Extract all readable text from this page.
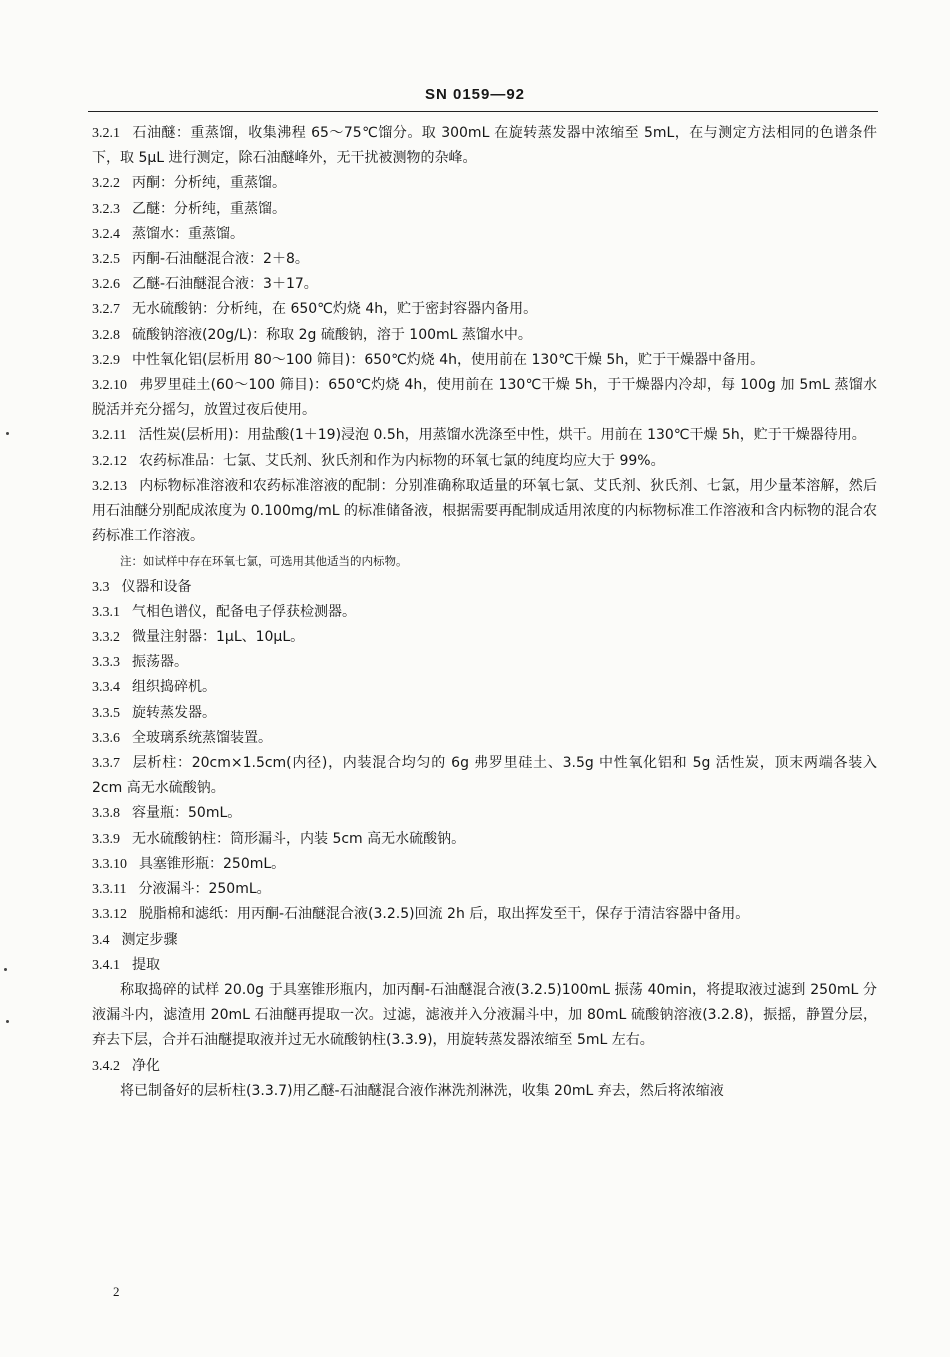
SN 0159—92

3.2.1 石油醚：重蒸馏，收集沸程 65～75℃馏分。取 300mL 在旋转蒸发器中浓缩至 5mL，在与测定方法相同的色谱条件下，取 5μL 进行测定，除石油醚峰外，无干扰被测物的杂峰。

3.2.2 丙酮：分析纯，重蒸馏。

3.2.3 乙醚：分析纯，重蒸馏。

3.2.4 蒸馏水：重蒸馏。

3.2.5 丙酮-石油醚混合液：2＋8。

3.2.6 乙醚-石油醚混合液：3＋17。

3.2.7 无水硫酸钠：分析纯，在 650℃灼烧 4h，贮于密封容器内备用。

3.2.8 硫酸钠溶液(20g/L)：称取 2g 硫酸钠，溶于 100mL 蒸馏水中。

3.2.9 中性氧化铝(层析用 80～100 筛目)：650℃灼烧 4h，使用前在 130℃干燥 5h，贮于干燥器中备用。

3.2.10 弗罗里硅土(60～100 筛目)：650℃灼烧 4h，使用前在 130℃干燥 5h，于干燥器内冷却，每 100g 加 5mL 蒸馏水脱活并充分摇匀，放置过夜后使用。

3.2.11 活性炭(层析用)：用盐酸(1＋19)浸泡 0.5h，用蒸馏水洗涤至中性，烘干。用前在 130℃干燥 5h，贮于干燥器待用。

3.2.12 农药标准品：七氯、艾氏剂、狄氏剂和作为内标物的环氧七氯的纯度均应大于 99%。

3.2.13 内标物标准溶液和农药标准溶液的配制：分别准确称取适量的环氧七氯、艾氏剂、狄氏剂、七氯，用少量苯溶解，然后用石油醚分别配成浓度为 0.100mg/mL 的标准储备液，根据需要再配制成适用浓度的内标物标准工作溶液和含内标物的混合农药标准工作溶液。

注：如试样中存在环氧七氯，可选用其他适当的内标物。

3.3 仪器和设备

3.3.1 气相色谱仪，配备电子俘获检测器。

3.3.2 微量注射器：1μL、10μL。

3.3.3 振荡器。

3.3.4 组织捣碎机。

3.3.5 旋转蒸发器。

3.3.6 全玻璃系统蒸馏装置。

3.3.7 层析柱：20cm×1.5cm(内径)，内装混合均匀的 6g 弗罗里硅土、3.5g 中性氧化铝和 5g 活性炭，顶末两端各装入 2cm 高无水硫酸钠。

3.3.8 容量瓶：50mL。

3.3.9 无水硫酸钠柱：筒形漏斗，内装 5cm 高无水硫酸钠。

3.3.10 具塞锥形瓶：250mL。

3.3.11 分液漏斗：250mL。

3.3.12 脱脂棉和滤纸：用丙酮-石油醚混合液(3.2.5)回流 2h 后，取出挥发至干，保存于清洁容器中备用。

3.4 测定步骤

3.4.1 提取

称取捣碎的试样 20.0g 于具塞锥形瓶内，加丙酮-石油醚混合液(3.2.5)100mL 振荡 40min，将提取液过滤到 250mL 分液漏斗内，滤渣用 20mL 石油醚再提取一次。过滤，滤液并入分液漏斗中，加 80mL 硫酸钠溶液(3.2.8)，振摇，静置分层，弃去下层，合并石油醚提取液并过无水硫酸钠柱(3.3.9)，用旋转蒸发器浓缩至 5mL 左右。

3.4.2 净化

将已制备好的层析柱(3.3.7)用乙醚-石油醚混合液作淋洗剂淋洗，收集 20mL 弃去，然后将浓缩液

2
